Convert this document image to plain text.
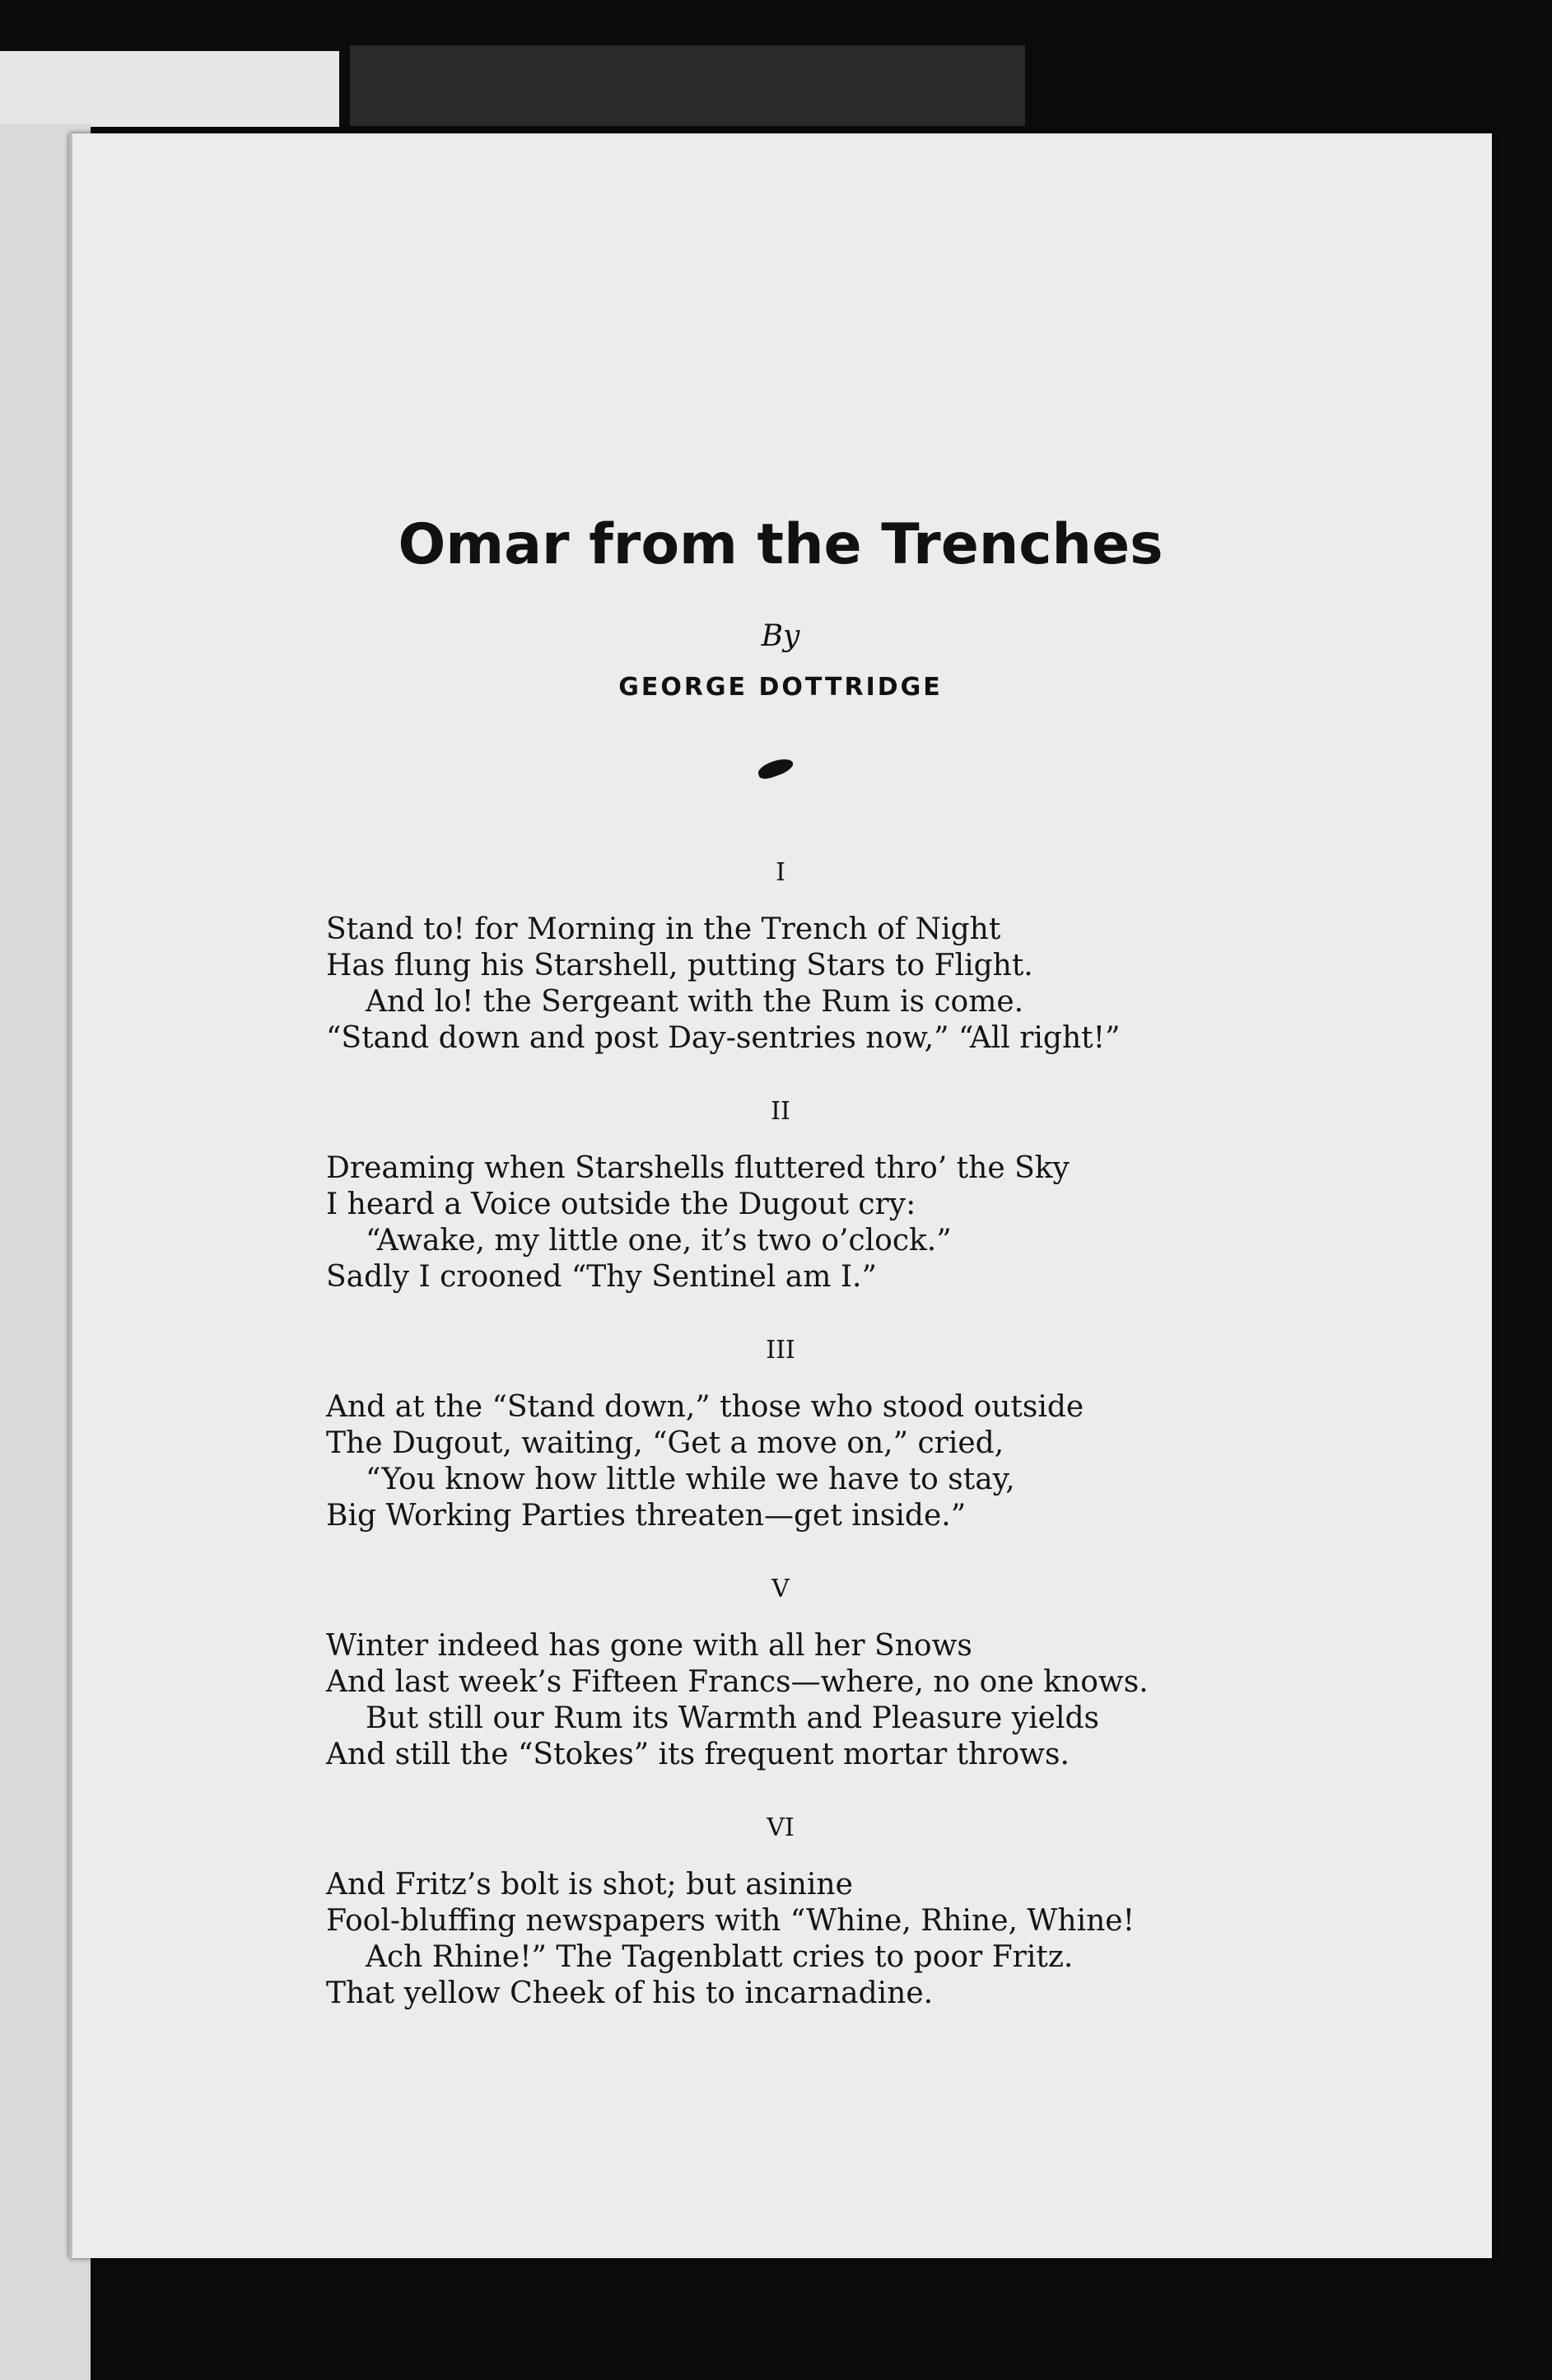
Omar from the Trenches
By
GEORGE DOTTRIDGE
I
Stand to! for Morning in the Trench of Night
Has flung his Starshell, putting Stars to Flight.
And lo! the Sergeant with the Rum is come.
“Stand down and post Day-sentries now,” “All right!”
II
Dreaming when Starshells fluttered thro’ the Sky
I heard a Voice outside the Dugout cry:
“Awake, my little one, it’s two o’clock.”
Sadly I crooned “Thy Sentinel am I.”
III
And at the “Stand down,” those who stood outside
The Dugout, waiting, “Get a move on,” cried,
“You know how little while we have to stay,
Big Working Parties threaten—get inside.”
V
Winter indeed has gone with all her Snows
And last week’s Fifteen Francs—where, no one knows.
But still our Rum its Warmth and Pleasure yields
And still the “Stokes” its frequent mortar throws.
VI
And Fritz’s bolt is shot; but asinine
Fool-bluffing newspapers with “Whine, Rhine, Whine!
Ach Rhine!” The Tagenblatt cries to poor Fritz.
That yellow Cheek of his to incarnadine.
